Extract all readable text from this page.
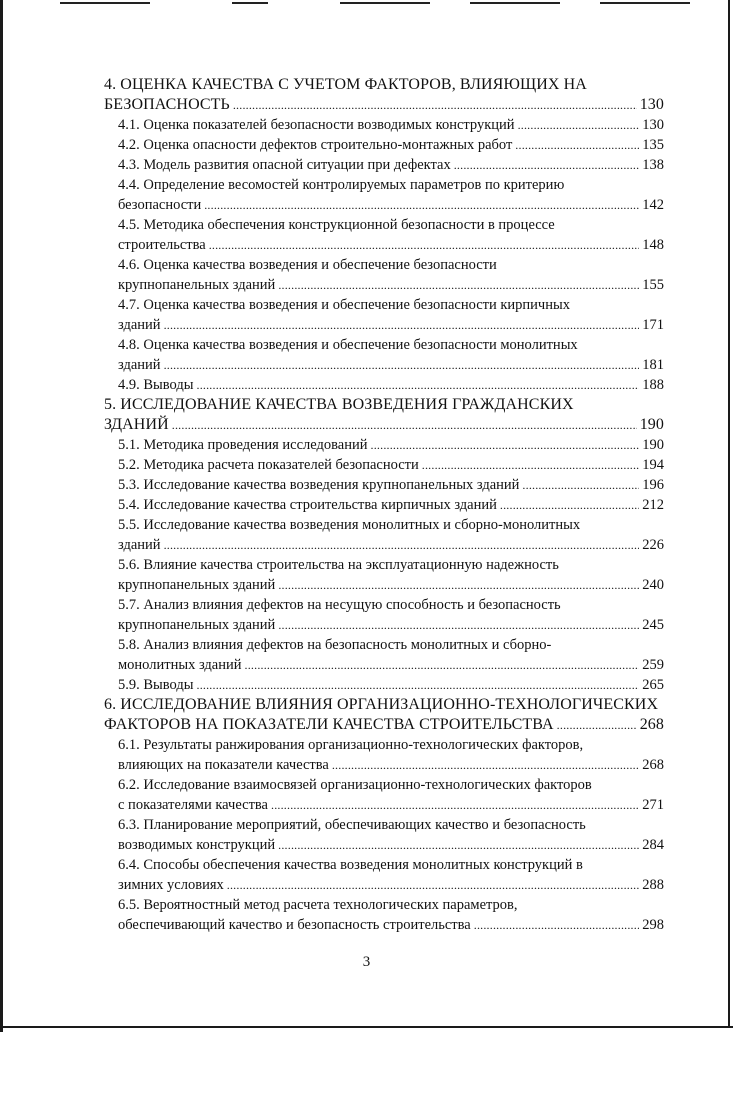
4. ОЦЕНКА КАЧЕСТВА С УЧЕТОМ ФАКТОРОВ, ВЛИЯЮЩИХ НА
БЕЗОПАСНОСТЬ . . .	130
4.1. Оценка показателей безопасности возводимых конструкций . . .	130
4.2. Оценка опасности дефектов строительно-монтажных работ . . .	135
4.3. Модель развития опасной ситуации при дефектах . . .	138
4.4. Определение весомостей контролируемых параметров по критерию
безопасности . . .	142
4.5. Методика обеспечения конструкционной безопасности в процессе
строительства . . .	148
4.6. Оценка качества возведения и обеспечение безопасности
крупнопанельных зданий . . .	155
4.7. Оценка качества возведения и обеспечение безопасности кирпичных
зданий . . .	171
4.8. Оценка качества возведения и обеспечение безопасности монолитных
зданий . . .	181
4.9. Выводы . . .	188
5. ИССЛЕДОВАНИЕ КАЧЕСТВА ВОЗВЕДЕНИЯ ГРАЖДАНСКИХ
ЗДАНИЙ . . .	190
5.1. Методика проведения исследований . . .	190
5.2. Методика расчета показателей безопасности . . .	194
5.3. Исследование качества возведения крупнопанельных зданий . . .	196
5.4. Исследование качества строительства кирпичных зданий . . .	212
5.5. Исследование качества возведения монолитных и сборно-монолитных
зданий . . .	226
5.6. Влияние качества строительства на эксплуатационную надежность
крупнопанельных зданий . . .	240
5.7. Анализ влияния дефектов на несущую способность и безопасность
крупнопанельных зданий . . .	245
5.8. Анализ влияния дефектов на безопасность монолитных и сборно-
монолитных зданий . . .	259
5.9. Выводы . . .	265
6. ИССЛЕДОВАНИЕ ВЛИЯНИЯ ОРГАНИЗАЦИОННО-ТЕХНОЛОГИЧЕСКИХ
ФАКТОРОВ НА ПОКАЗАТЕЛИ КАЧЕСТВА СТРОИТЕЛЬСТВА . . .	268
6.1. Результаты ранжирования организационно-технологических факторов,
влияющих на показатели качества . . .	268
6.2. Исследование взаимосвязей организационно-технологических факторов
с показателями качества . . .	271
6.3. Планирование мероприятий, обеспечивающих качество и безопасность
возводимых конструкций . . .	284
6.4. Способы обеспечения качества возведения монолитных конструкций в
зимних условиях . . .	288
6.5. Вероятностный метод расчета технологических параметров,
обеспечивающий качество и безопасность строительства . . .	298
3
